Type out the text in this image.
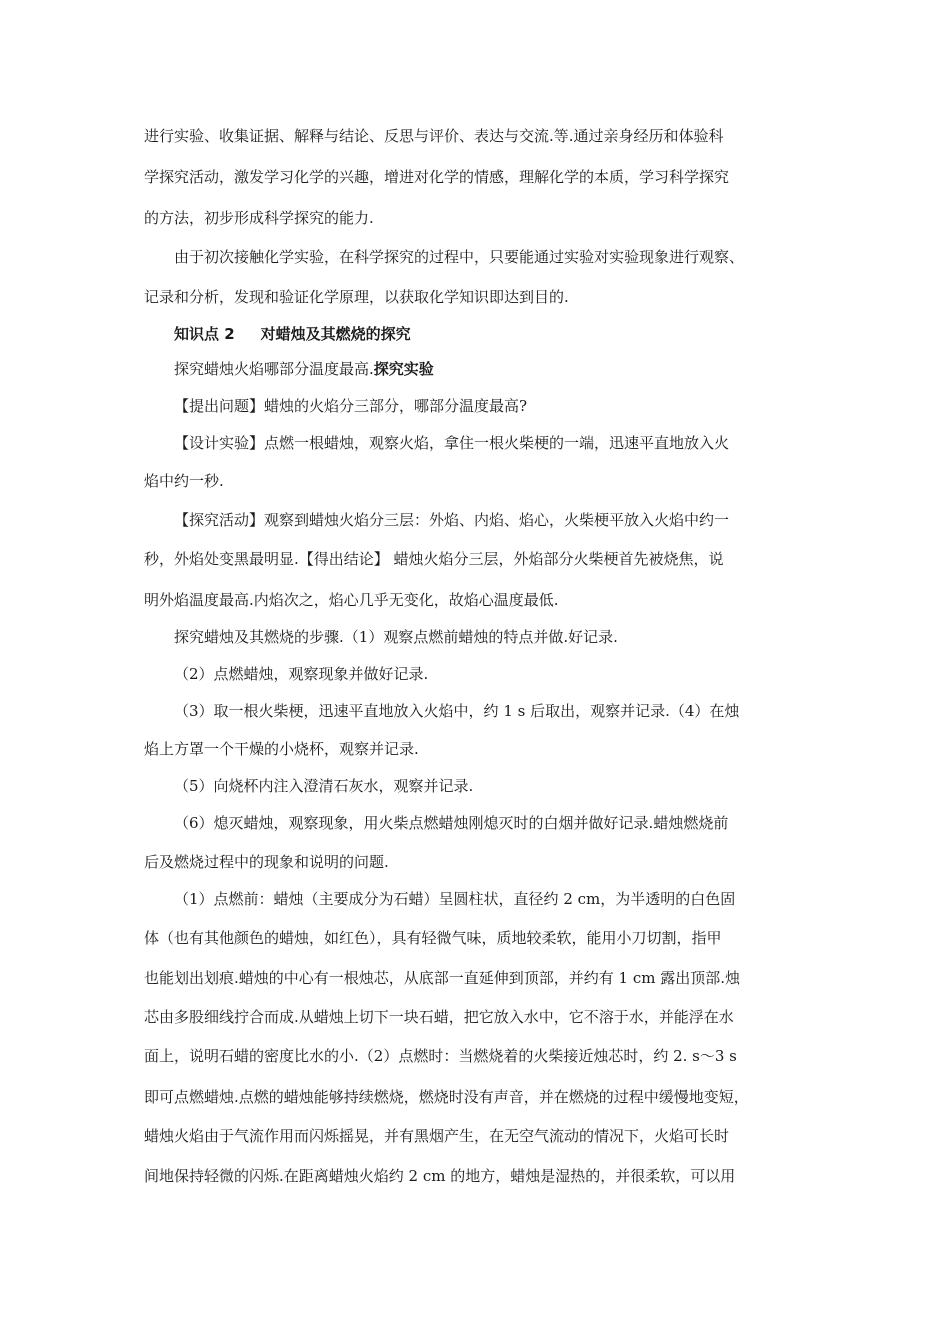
进行实验、收集证据、解释与结论、反思与评价、表达与交流.等.通过亲身经历和体验科
学探究活动，激发学习化学的兴趣，增进对化学的情感，理解化学的本质，学习科学探究
的方法，初步形成科学探究的能力.
由于初次接触化学实验，在科学探究的过程中，只要能通过实验对实验现象进行观察、
记录和分析，发现和验证化学原理，以获取化学知识即达到目的.
知识点 2 对蜡烛及其燃烧的探究
探究蜡烛火焰哪部分温度最高.探究实验
【提出问题】蜡烛的火焰分三部分，哪部分温度最高?
【设计实验】点燃一根蜡烛，观察火焰，拿住一根火柴梗的一端，迅速平直地放入火
焰中约一秒.
【探究活动】观察到蜡烛火焰分三层：外焰、内焰、焰心，火柴梗平放入火焰中约一
秒，外焰处变黑最明显.【得出结论】 蜡烛火焰分三层，外焰部分火柴梗首先被烧焦，说
明外焰温度最高.内焰次之，焰心几乎无变化，故焰心温度最低.
探究蜡烛及其燃烧的步骤.（1）观察点燃前蜡烛的特点并做.好记录.
（2）点燃蜡烛，观察现象并做好记录.
（3）取一根火柴梗，迅速平直地放入火焰中，约 1 s 后取出，观察并记录.（4）在烛
焰上方罩一个干燥的小烧杯，观察并记录.
（5）向烧杯内注入澄清石灰水，观察并记录.
（6）熄灭蜡烛，观察现象，用火柴点燃蜡烛刚熄灭时的白烟并做好记录.蜡烛燃烧前
后及燃烧过程中的现象和说明的问题.
（1）点燃前：蜡烛（主要成分为石蜡）呈圆柱状，直径约 2 cm，为半透明的白色固
体（也有其他颜色的蜡烛，如红色），具有轻微气味，质地较柔软，能用小刀切割，指甲
也能划出划痕.蜡烛的中心有一根烛芯，从底部一直延伸到顶部，并约有 1 cm 露出顶部.烛
芯由多股细线拧合而成.从蜡烛上切下一块石蜡，把它放入水中，它不溶于水，并能浮在水
面上，说明石蜡的密度比水的小.（2）点燃时：当燃烧着的火柴接近烛芯时，约 2. s～3 s
即可点燃蜡烛.点燃的蜡烛能够持续燃烧，燃烧时没有声音，并在燃烧的过程中缓慢地变短，
蜡烛火焰由于气流作用而闪烁摇晃，并有黑烟产生，在无空气流动的情况下，火焰可长时
间地保持轻微的闪烁.在距离蜡烛火焰约 2 cm 的地方，蜡烛是湿热的，并很柔软，可以用
